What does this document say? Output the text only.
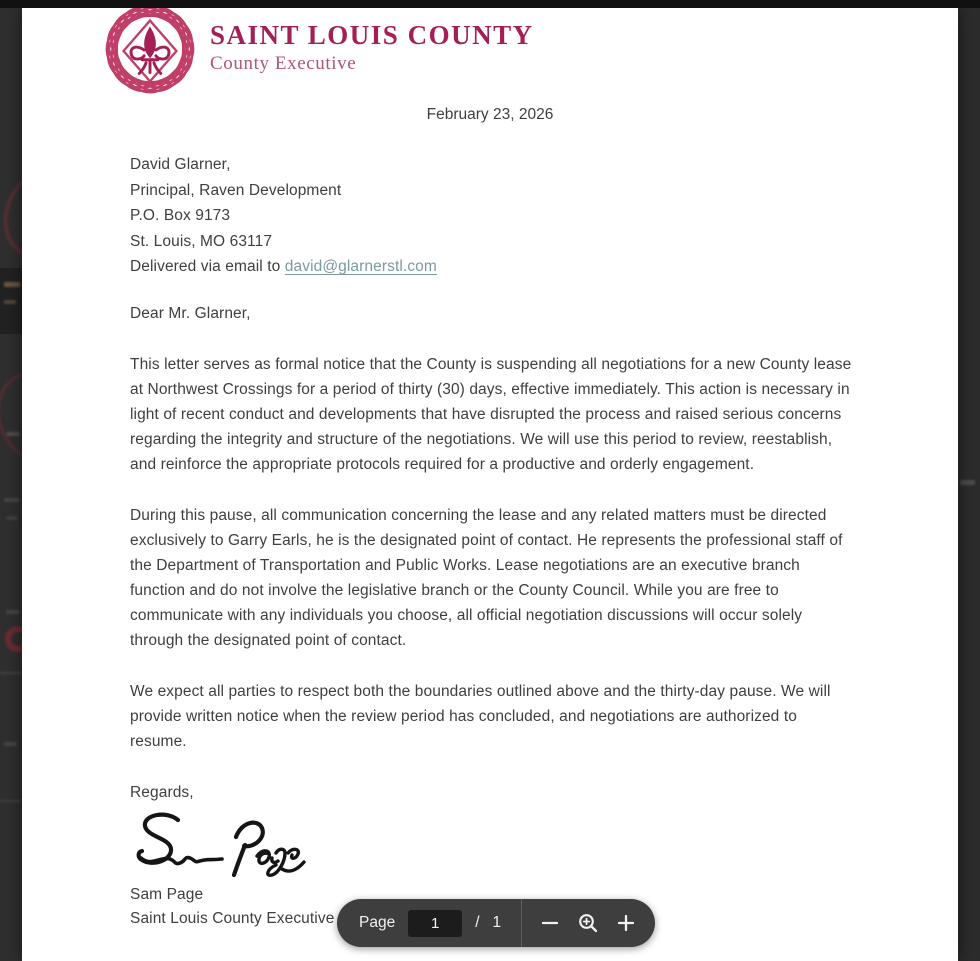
SAINT LOUIS COUNTY
County Executive
February 23, 2026
David Glarner,
Principal, Raven Development
P.O. Box 9173
St. Louis, MO 63117
Delivered via email to david@glarnerstl.com

Dear Mr. Glarner,

This letter serves as formal notice that the County is suspending all negotiations for a new County lease at Northwest Crossings for a period of thirty (30) days, effective immediately. This action is necessary in light of recent conduct and developments that have disrupted the process and raised serious concerns regarding the integrity and structure of the negotiations. We will use this period to review, reestablish, and reinforce the appropriate protocols required for a productive and orderly engagement.

During this pause, all communication concerning the lease and any related matters must be directed exclusively to Garry Earls, he is the designated point of contact. He represents the professional staff of the Department of Transportation and Public Works. Lease negotiations are an executive branch function and do not involve the legislative branch or the County Council. While you are free to communicate with any individuals you choose, all official negotiation discussions will occur solely through the designated point of contact.

We expect all parties to respect both the boundaries outlined above and the thirty-day pause. We will provide written notice when the review period has concluded, and negotiations are authorized to resume.

Regards,

Sam Page
Saint Louis County Executive	Page
1	/ 1
